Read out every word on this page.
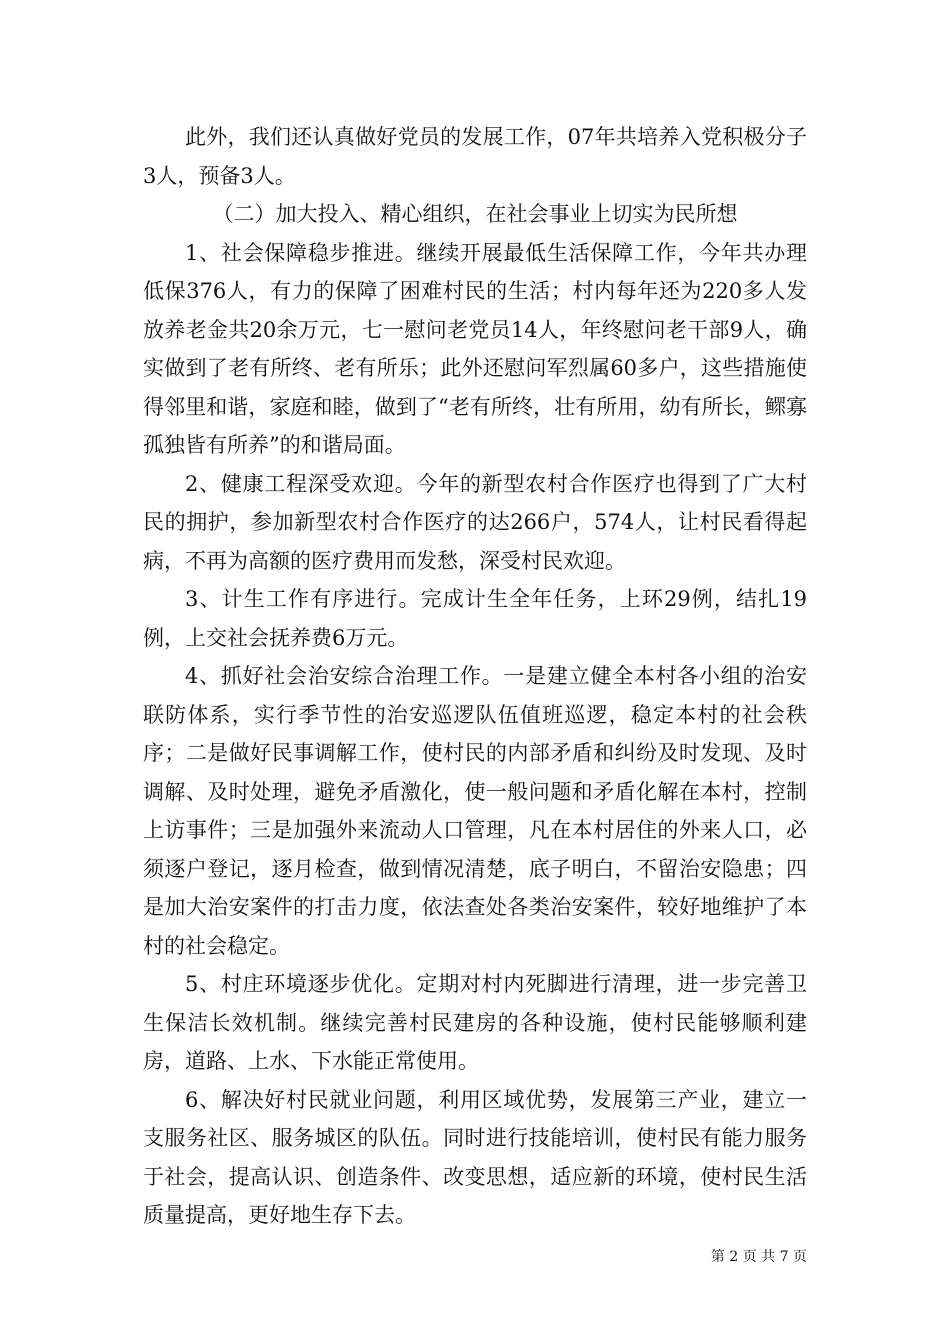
此外，我们还认真做好党员的发展工作，07年共培养入党积极分子3人，预备3人。

（二）加大投入、精心组织，在社会事业上切实为民所想

1、社会保障稳步推进。继续开展最低生活保障工作，今年共办理低保376人，有力的保障了困难村民的生活；村内每年还为220多人发放养老金共20余万元，七一慰问老党员14人，年终慰问老干部9人，确实做到了老有所终、老有所乐；此外还慰问军烈属60多户，这些措施使得邻里和谐，家庭和睦，做到了“老有所终，壮有所用，幼有所长，鳏寡孤独皆有所养”的和谐局面。

2、健康工程深受欢迎。今年的新型农村合作医疗也得到了广大村民的拥护，参加新型农村合作医疗的达266户，574人，让村民看得起病，不再为高额的医疗费用而发愁，深受村民欢迎。

3、计生工作有序进行。完成计生全年任务，上环29例，结扎19例，上交社会抚养费6万元。

4、抓好社会治安综合治理工作。一是建立健全本村各小组的治安联防体系，实行季节性的治安巡逻队伍值班巡逻，稳定本村的社会秩序；二是做好民事调解工作，使村民的内部矛盾和纠纷及时发现、及时调解、及时处理，避免矛盾激化，使一般问题和矛盾化解在本村，控制上访事件；三是加强外来流动人口管理，凡在本村居住的外来人口，必须逐户登记，逐月检查，做到情况清楚，底子明白，不留治安隐患；四是加大治安案件的打击力度，依法查处各类治安案件，较好地维护了本村的社会稳定。

5、村庄环境逐步优化。定期对村内死脚进行清理，进一步完善卫生保洁长效机制。继续完善村民建房的各种设施，使村民能够顺利建房，道路、上水、下水能正常使用。

6、解决好村民就业问题，利用区域优势，发展第三产业，建立一支服务社区、服务城区的队伍。同时进行技能培训，使村民有能力服务于社会，提高认识、创造条件、改变思想，适应新的环境，使村民生活质量提高，更好地生存下去。

第 2 页 共 7 页
